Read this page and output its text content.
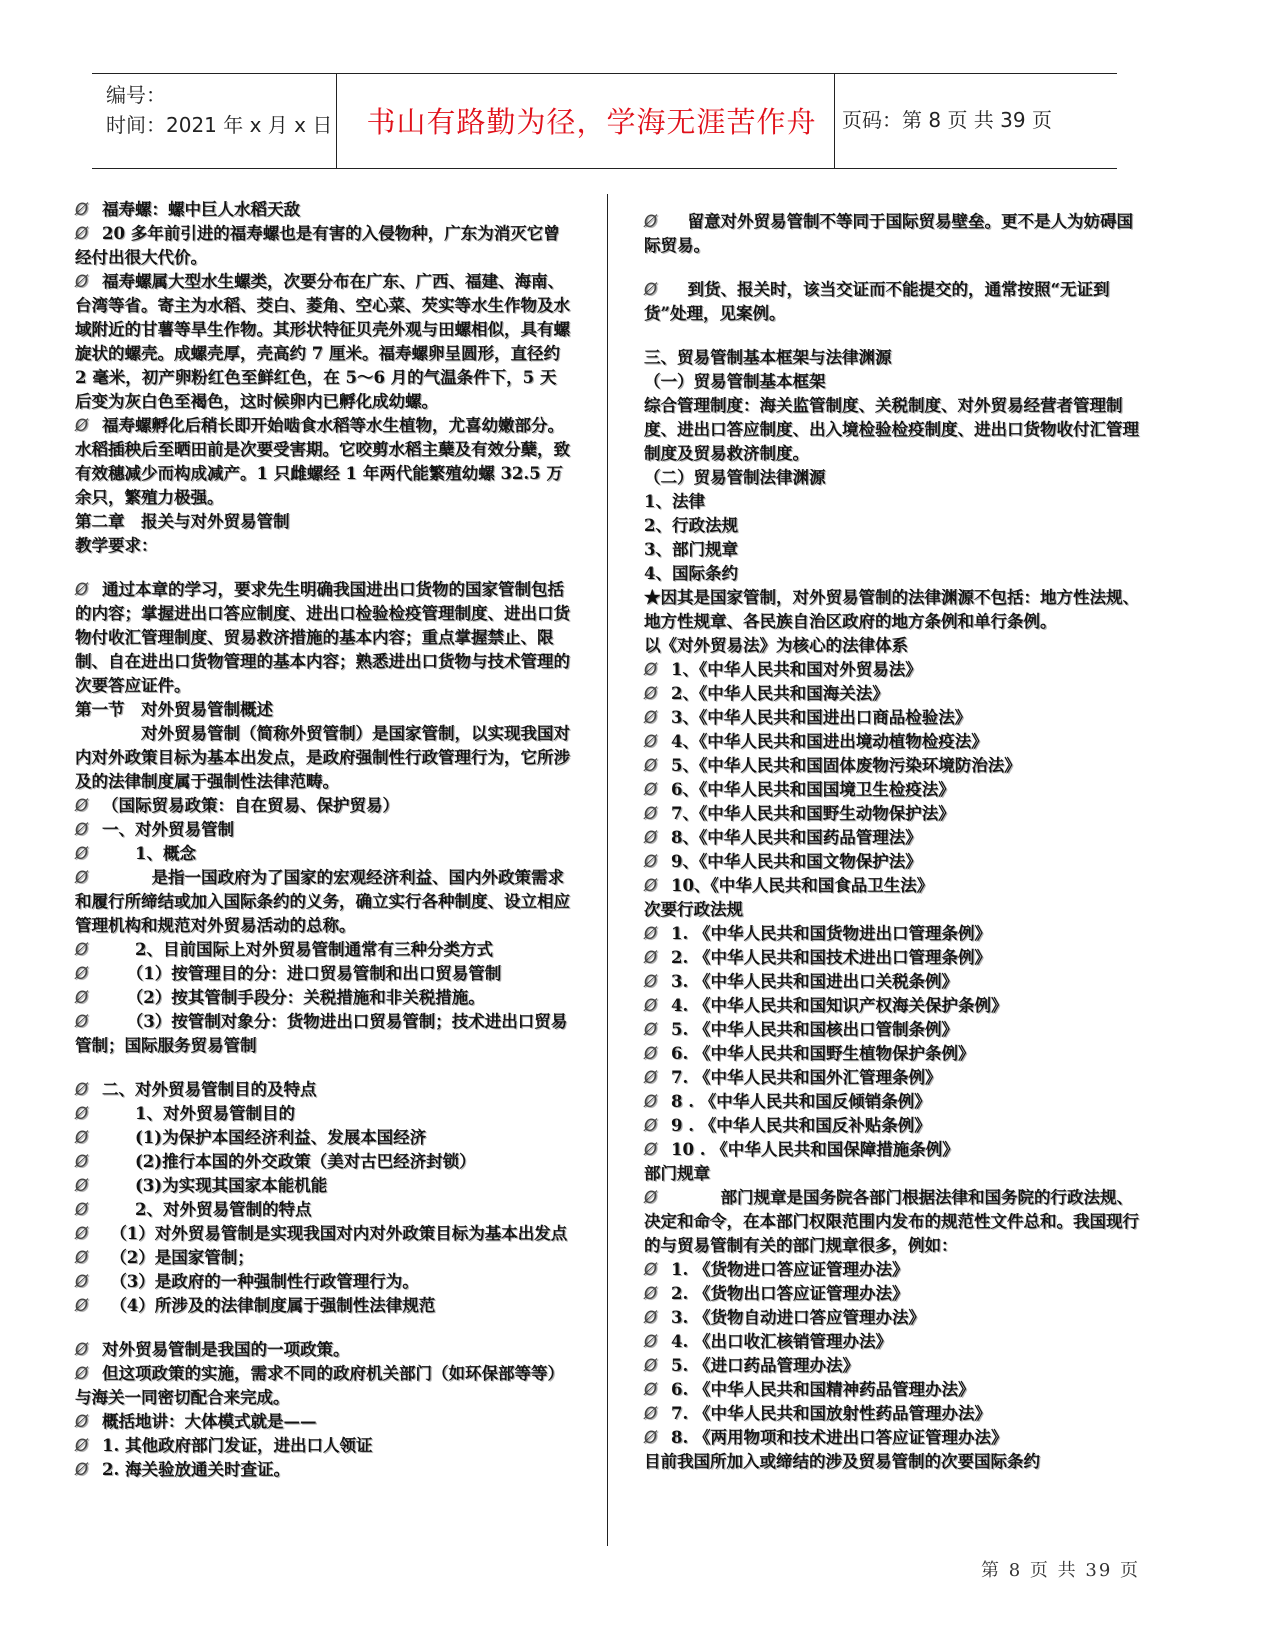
编号：
时间：2021 年 x 月 x 日	书山有路勤为径，学海无涯苦作舟	页码：第 8 页 共 39 页
Ø 福寿螺：螺中巨人水稻天敌
Ø 20 多年前引进的福寿螺也是有害的入侵物种，广东为消灭它曾经付出很大代价。
Ø 福寿螺属大型水生螺类，次要分布在广东、广西、福建、海南、台湾等省。寄主为水稻、茭白、菱角、空心菜、芡实等水生作物及水域附近的甘薯等旱生作物。其形状特征贝壳外观与田螺相似，具有螺旋状的螺壳。成螺壳厚，壳高约 7 厘米。福寿螺卵呈圆形，直径约 2 毫米，初产卵粉红色至鲜红色，在 5～6 月的气温条件下，5 天后变为灰白色至褐色，这时候卵内已孵化成幼螺。
Ø 福寿螺孵化后稍长即开始啮食水稻等水生植物，尤喜幼嫩部分。水稻插秧后至晒田前是次要受害期。它咬剪水稻主蘖及有效分蘖，致有效穗减少而构成减产。1 只雌螺经 1 年两代能繁殖幼螺 32.5 万余只，繁殖力极强。
第二章　报关与对外贸易管制
教学要求：
Ø 通过本章的学习，要求先生明确我国进出口货物的国家管制包括的内容；掌握进出口答应制度、进出口检验检疫管理制度、进出口货物付收汇管理制度、贸易救济措施的基本内容；重点掌握禁止、限制、自在进出口货物管理的基本内容；熟悉进出口货物与技术管理的次要答应证件。
第一节　对外贸易管制概述
　　　　对外贸易管制（简称外贸管制）是国家管制，以实现我国对内对外政策目标为基本出发点，是政府强制性行政管理行为，它所涉及的法律制度属于强制性法律范畴。
Ø （国际贸易政策：自在贸易、保护贸易）
Ø 一、对外贸易管制
Ø　　1、概念
Ø　　　是指一国政府为了国家的宏观经济利益、国内外政策需求和履行所缔结或加入国际条约的义务，确立实行各种制度、设立相应管理机构和规范对外贸易活动的总称。
Ø　　2、目前国际上对外贸易管制通常有三种分类方式
Ø　　（1）按管理目的分：进口贸易管制和出口贸易管制
Ø　　（2）按其管制手段分：关税措施和非关税措施。
Ø　　（3）按管制对象分：货物进出口贸易管制；技术进出口贸易管制；国际服务贸易管制
Ø 二、对外贸易管制目的及特点
Ø　　1、对外贸易管制目的
Ø　　(1)为保护本国经济利益、发展本国经济
Ø　　(2)推行本国的外交政策（美对古巴经济封锁）
Ø　　(3)为实现其国家本能机能
Ø　　2、对外贸易管制的特点
Ø　（1）对外贸易管制是实现我国对内对外政策目标为基本出发点
Ø　（2）是国家管制；
Ø　（3）是政府的一种强制性行政管理行为。
Ø　（4）所涉及的法律制度属于强制性法律规范
Ø 对外贸易管制是我国的一项政策。
Ø 但这项政策的实施，需求不同的政府机关部门（如环保部等等）与海关一同密切配合来完成。
Ø 概括地讲：大体模式就是——
Ø 1. 其他政府部门发证，进出口人领证
Ø 2. 海关验放通关时查证。
Ø　留意对外贸易管制不等同于国际贸易壁垒。更不是人为妨碍国际贸易。
Ø　到货、报关时，该当交证而不能提交的，通常按照“无证到货”处理，见案例。
三、贸易管制基本框架与法律渊源
（一）贸易管制基本框架
综合管理制度：海关监管制度、关税制度、对外贸易经营者管理制度、进出口答应制度、出入境检验检疫制度、进出口货物收付汇管理制度及贸易救济制度。
（二）贸易管制法律渊源
1、法律
2、行政法规
3、部门规章
4、国际条约
★因其是国家管制，对外贸易管制的法律渊源不包括：地方性法规、地方性规章、各民族自治区政府的地方条例和单行条例。
以《对外贸易法》为核心的法律体系
Ø 1、《中华人民共和国对外贸易法》
Ø 2、《中华人民共和国海关法》
Ø 3、《中华人民共和国进出口商品检验法》
Ø 4、《中华人民共和国进出境动植物检疫法》
Ø 5、《中华人民共和国固体废物污染环境防治法》
Ø 6、《中华人民共和国国境卫生检疫法》
Ø 7、《中华人民共和国野生动物保护法》
Ø 8、《中华人民共和国药品管理法》
Ø 9、《中华人民共和国文物保护法》
Ø 10、《中华人民共和国食品卫生法》
次要行政法规
Ø 1. 《中华人民共和国货物进出口管理条例》
Ø 2. 《中华人民共和国技术进出口管理条例》
Ø 3. 《中华人民共和国进出口关税条例》
Ø 4. 《中华人民共和国知识产权海关保护条例》
Ø 5. 《中华人民共和国核出口管制条例》
Ø 6. 《中华人民共和国野生植物保护条例》
Ø 7. 《中华人民共和国外汇管理条例》
Ø 8 . 《中华人民共和国反倾销条例》
Ø 9 . 《中华人民共和国反补贴条例》
Ø 10 . 《中华人民共和国保障措施条例》
部门规章
Ø　　　部门规章是国务院各部门根据法律和国务院的行政法规、决定和命令，在本部门权限范围内发布的规范性文件总和。我国现行的与贸易管制有关的部门规章很多，例如：
Ø 1. 《货物进口答应证管理办法》
Ø 2. 《货物出口答应证管理办法》
Ø 3. 《货物自动进口答应管理办法》
Ø 4. 《出口收汇核销管理办法》
Ø 5. 《进口药品管理办法》
Ø 6. 《中华人民共和国精神药品管理办法》
Ø 7. 《中华人民共和国放射性药品管理办法》
Ø 8. 《两用物项和技术进出口答应证管理办法》
目前我国所加入或缔结的涉及贸易管制的次要国际条约
第 8 页 共 39 页
